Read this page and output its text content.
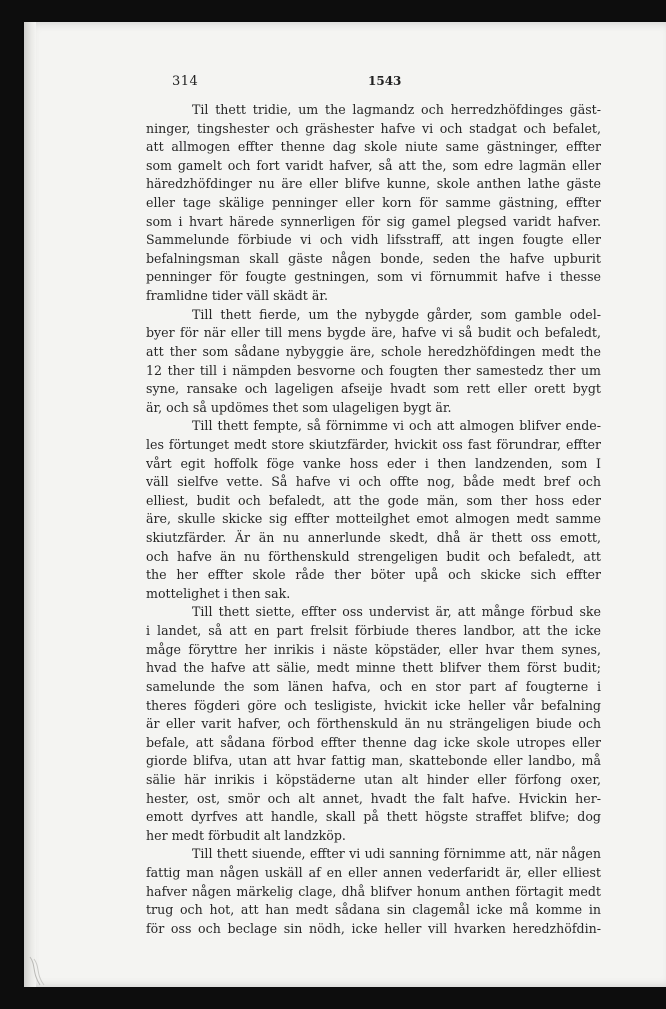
314	1543
Til thett tridie, um the lagmandz och herredzhöfdinges gäst-
ninger, tingshester och gräshester hafve vi och stadgat och befalet,
att allmogen effter thenne dag skole niute same gästninger, effter
som gamelt och fort varidt hafver, så att the, som edre lagmän eller
häredzhöfdinger nu äre eller blifve kunne, skole anthen lathe gäste
eller tage skälige penninger eller korn för samme gästning, effter
som i hvart härede synnerligen för sig gamel plegsed varidt hafver.
Sammelunde förbiude vi och vidh lifsstraff, att ingen fougte eller
befalningsman skall gäste någen bonde, seden the hafve upburit
penninger för fougte gestningen, som vi förnummit hafve i thesse
framlidne tider väll skädt är.
Till thett fierde, um the nybygde gårder, som gamble odel-
byer för när eller till mens bygde äre, hafve vi så budit och befaledt,
att ther som sådane nybyggie äre, schole heredzhöfdingen medt the
12 ther till i nämpden besvorne och fougten ther samestedz ther um
syne, ransake och lageligen afseije hvadt som rett eller orett bygt
är, och så updömes thet som ulageligen bygt är.
Till thett fempte, så förnimme vi och att almogen blifver ende-
les förtunget medt store skiutzfärder, hvickit oss fast förundrar, effter
vårt egit hoffolk föge vanke hoss eder i then landzenden, som I
väll sielfve vette. Så hafve vi och offte nog, både medt bref och
elliest, budit och befaledt, att the gode män, som ther hoss eder
äre, skulle skicke sig effter motteilghet emot almogen medt samme
skiutzfärder. Är än nu annerlunde skedt, dhå är thett oss emott,
och hafve än nu förthenskuld strengeligen budit och befaledt, att
the her effter skole råde ther böter upå och skicke sich effter
mottelighet i then sak.
Till thett siette, effter oss undervist är, att månge förbud ske
i landet, så att en part frelsit förbiude theres landbor, att the icke
måge föryttre her inrikis i näste köpstäder, eller hvar them synes,
hvad the hafve att sälie, medt minne thett blifver them först budit;
samelunde the som länen hafva, och en stor part af fougterne i
theres fögderi göre och tesligiste, hvickit icke heller vår befalning
är eller varit hafver, och förthenskuld än nu strängeligen biude och
befale, att sådana förbod effter thenne dag icke skole utropes eller
giorde blifva, utan att hvar fattig man, skattebonde eller landbo, må
sälie här inrikis i köpstäderne utan alt hinder eller förfong oxer,
hester, ost, smör och alt annet, hvadt the falt hafve. Hvickin her-
emott dyrfves att handle, skall på thett högste straffet blifve; dog
her medt förbudit alt landzköp.
Till thett siuende, effter vi udi sanning förnimme att, när någen
fattig man någen uskäll af en eller annen vederfaridt är, eller elliest
hafver någen märkelig clage, dhå blifver honum anthen förtagit medt
trug och hot, att han medt sådana sin clagemål icke må komme in
för oss och beclage sin nödh, icke heller vill hvarken heredzhöfdin-
